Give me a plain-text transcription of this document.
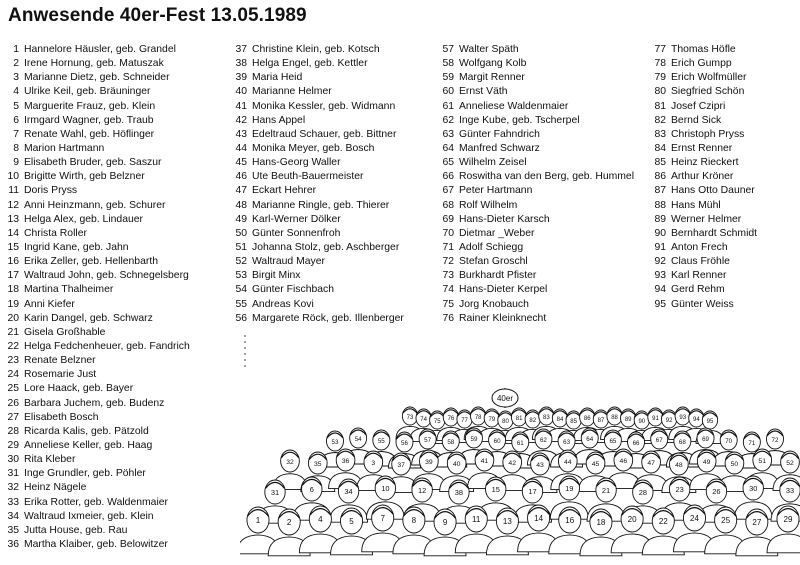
Anwesende 40er-Fest 13.05.1989
1 Hannelore Häusler, geb. Grandel
2 Irene Hornung, geb. Matuszak
3 Marianne Dietz, geb. Schneider
4 Ulrike Keil, geb. Bräuninger
5 Marguerite Frauz, geb. Klein
6 Irmgard Wagner, geb. Traub
7 Renate Wahl, geb. Höflinger
8 Marion Hartmann
9 Elisabeth Bruder, geb. Saszur
10 Brigitte Wirth, geb Belzner
11 Doris Pryss
12 Anni Heinzmann, geb. Schurer
13 Helga Alex, geb. Lindauer
14 Christa Roller
15 Ingrid Kane, geb. Jahn
16 Erika Zeller, geb. Hellenbarth
17 Waltraud John, geb. Schnegelsberg
18 Martina Thalheimer
19 Anni Kiefer
20 Karin Dangel, geb. Schwarz
21 Gisela Großhable
22 Helga Fedchenheuer, geb. Fandrich
23 Renate Belzner
24 Rosemarie Just
25 Lore Haack, geb. Bayer
26 Barbara Juchem, geb. Budenz
27 Elisabeth Bosch
28 Ricarda Kalis, geb. Pätzold
29 Anneliese Keller, geb. Haag
30 Rita Kleber
31 Inge Grundler, geb. Pöhler
32 Heinz Nägele
33 Erika Rotter, geb. Waldenmaier
34 Waltraud Ixmeier, geb. Klein
35 Jutta House, geb. Rau
36 Martha Klaiber, geb. Belowitzer
37 Christine Klein, geb. Kotsch
38 Helga Engel, geb. Kettler
39 Maria Heid
40 Marianne Helmer
41 Monika Kessler, geb. Widmann
42 Hans Appel
43 Edeltraud Schauer, geb. Bittner
44 Monika Meyer, geb. Bosch
45 Hans-Georg Waller
46 Ute Beuth-Bauermeister
47 Eckart Hehrer
48 Marianne Ringle, geb. Thierer
49 Karl-Werner Dölker
50 Günter Sonnenfroh
51 Johanna Stolz, geb. Aschberger
52 Waltraud Mayer
53 Birgit Minx
54 Günter Fischbach
55 Andreas Kovi
56 Margarete Röck, geb. Illenberger
57 Walter Späth
58 Wolfgang Kolb
59 Margit Renner
60 Ernst Väth
61 Anneliese Waldenmaier
62 Inge Kube, geb. Tscherpel
63 Günter Fahndrich
64 Manfred Schwarz
65 Wilhelm Zeisel
66 Roswitha van den Berg, geb. Hummel
67 Peter Hartmann
68 Rolf Wilhelm
69 Hans-Dieter Karsch
70 Dietmar _Weber
71 Adolf Schiegg
72 Stefan Groschl
73 Burkhardt Pfister
74 Hans-Dieter Kerpel
75 Jorg Knobauch
76 Rainer Kleinknecht
77 Thomas Höfle
78 Erich Gumpp
79 Erich Wolfmüller
80 Siegfried Schön
81 Josef Czipri
82 Bernd Sick
83 Christoph Pryss
84 Ernst Renner
85 Heinz Rieckert
86 Arthur Kröner
87 Hans Otto Dauner
88 Hans Mühl
89 Werner Helmer
90 Bernhardt Schmidt
91 Anton Frech
92 Claus Fröhle
93 Karl Renner
94 Gerd Rehm
95 Günter Weiss
73 74 75 76 77 78 79 80 81 82 83 84 85 86 87 88 89 90 91 92 93 94 95
53	54	55	56	57	58	59	60	61	62	63	64	65	66	67	68	69	70	71	72
32	35	36	3	37	39	40	41	42	43	44	45	46	47	48	49	50	51	52
31	6	34	10	12	38	15	17	19	21	28	23	26	30	33
1	2	4	5	7	8	9	11	13	14	16	18	20	22	24	25	27	29
40er
